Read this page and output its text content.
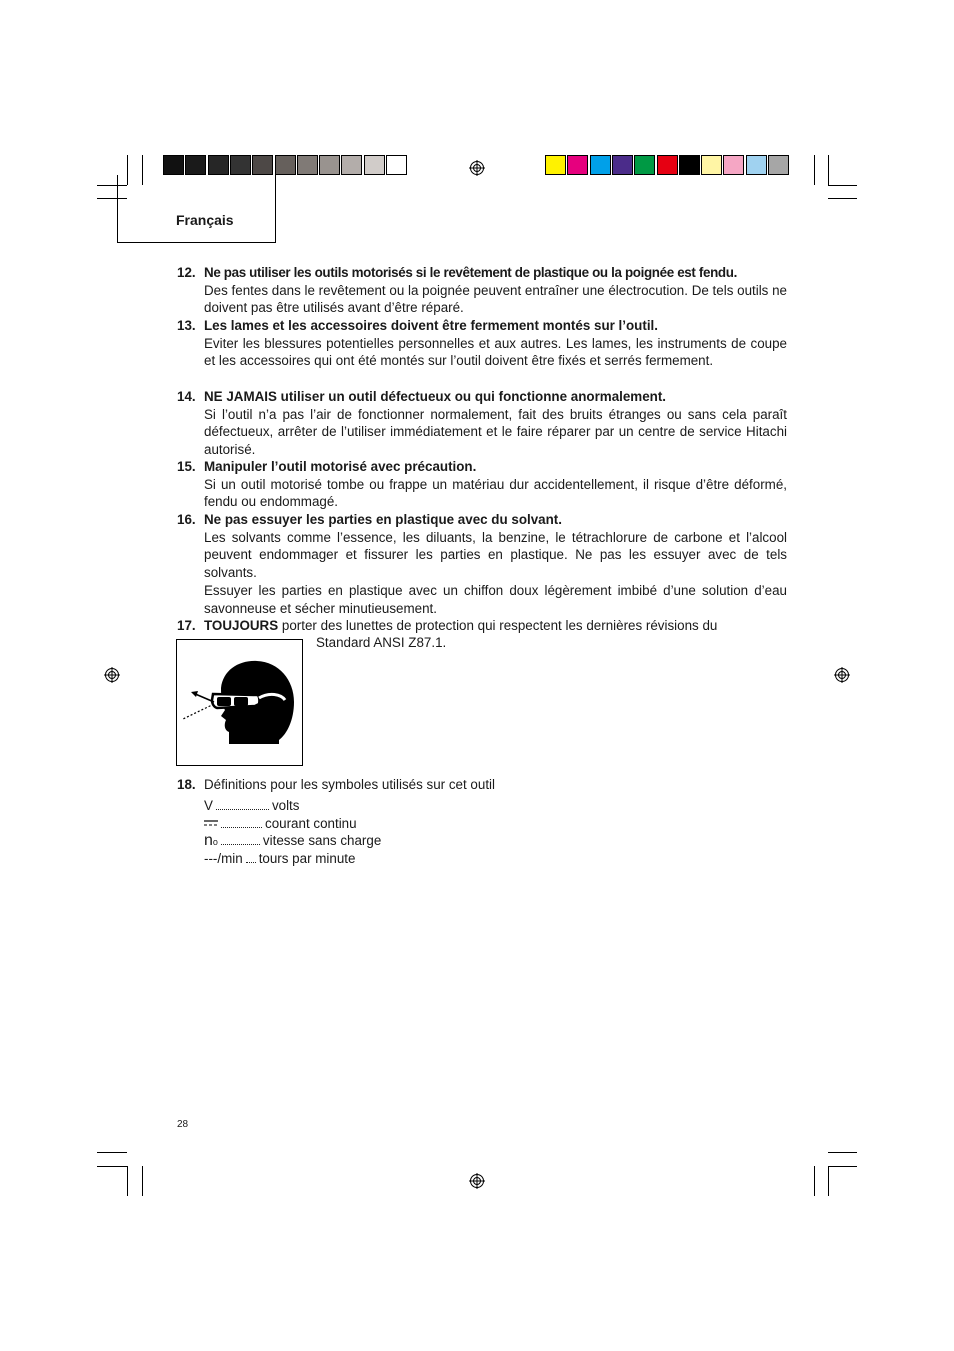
Français
12. Ne pas utiliser les outils motorisés si le revêtement de plastique ou la poignée est fendu.
Des fentes dans le revêtement ou la poignée peuvent entraîner une électrocution. De tels outils ne doivent pas être utilisés avant d’être réparé.
13. Les lames et les accessoires doivent être fermement montés sur l’outil.
Eviter les blessures potentielles personnelles et aux autres. Les lames, les instruments de coupe et les accessoires qui ont été montés sur l’outil doivent être fixés et serrés fermement.
14. NE JAMAIS utiliser un outil défectueux ou qui fonctionne anormalement.
Si l’outil n’a pas l’air de fonctionner normalement, fait des bruits étranges ou sans cela paraît défectueux, arrêter de l’utiliser immédiatement et le faire réparer par un centre de service Hitachi autorisé.
15. Manipuler l’outil motorisé avec précaution.
Si un outil motorisé tombe ou frappe un matériau dur accidentellement, il risque d’être déformé, fendu ou endommagé.
16. Ne pas essuyer les parties en plastique avec du solvant.
Les solvants comme l’essence, les diluants, la benzine, le tétrachlorure de carbone et l’alcool peuvent endommager et fissurer les parties en plastique. Ne pas les essuyer avec de tels solvants.
Essuyer les parties en plastique avec un chiffon doux légèrement imbibé d’une solution d’eau savonneuse et sécher minutieusement.
17. TOUJOURS porter des lunettes de protection qui respectent les dernières révisions du
Standard ANSI Z87.1.
18. Définitions pour les symboles utilisés sur cet outil
V	volts
courant continu
no	vitesse sans charge
---/min tours par minute
28
